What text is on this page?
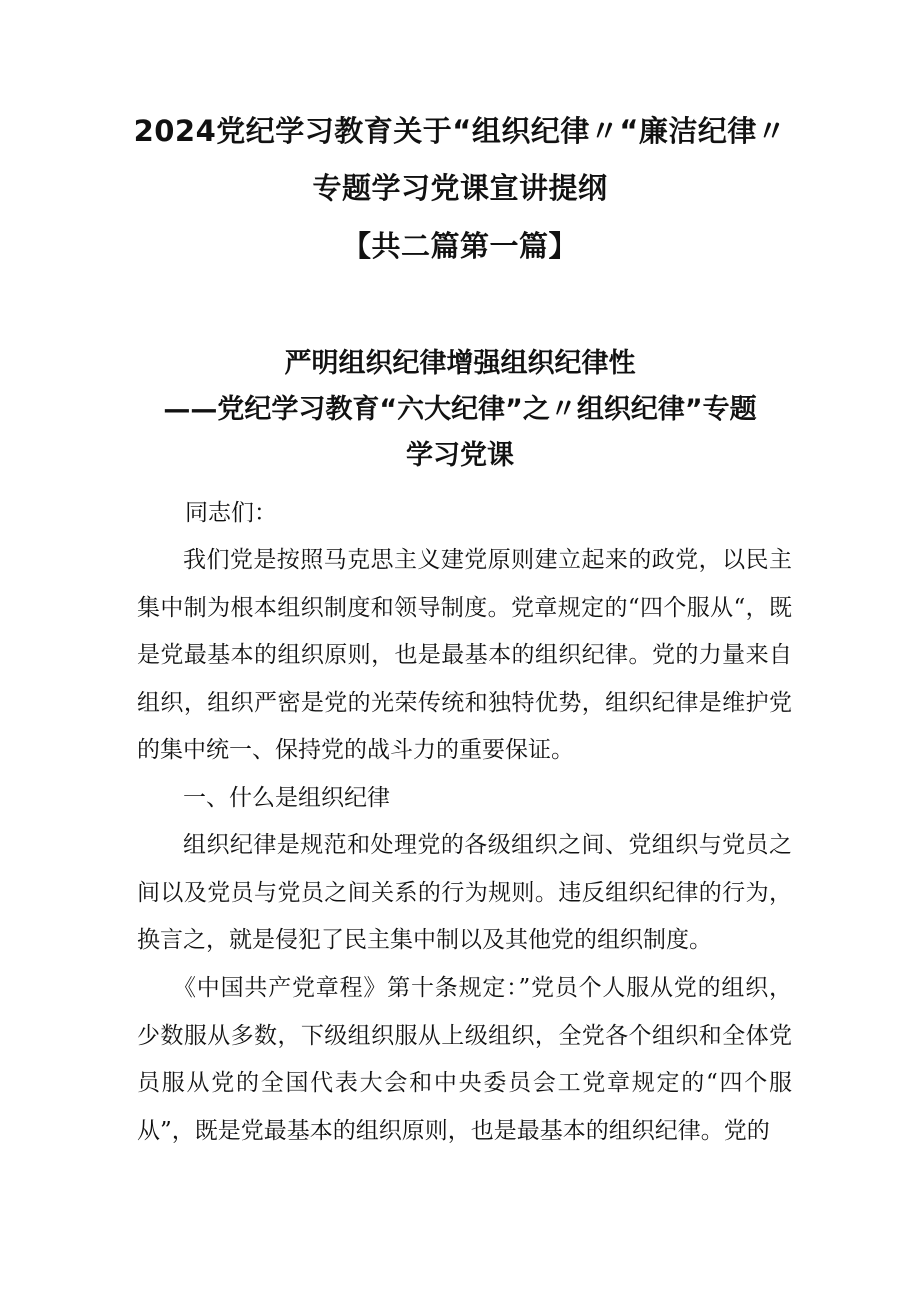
2024党纪学习教育关于“组织纪律〃“廉洁纪律〃
专题学习党课宣讲提纲
【共二篇第一篇】
严明组织纪律增强组织纪律性
——党纪学习教育“六大纪律”之〃组织纪律”专题
学习党课
同志们：

我们党是按照马克思主义建党原则建立起来的政党，以民主集中制为根本组织制度和领导制度。党章规定的“四个服从“，既是党最基本的组织原则，也是最基本的组织纪律。党的力量来自组织，组织严密是党的光荣传统和独特优势，组织纪律是维护党的集中统一、保持党的战斗力的重要保证。

一、什么是组织纪律

组织纪律是规范和处理党的各级组织之间、党组织与党员之间以及党员与党员之间关系的行为规则。违反组织纪律的行为，换言之，就是侵犯了民主集中制以及其他党的组织制度。

《中国共产党章程》第十条规定：”党员个人服从党的组织，少数服从多数，下级组织服从上级组织，全党各个组织和全体党员服从党的全国代表大会和中央委员会工党章规定的“四个服从”，既是党最基本的组织原则，也是最基本的组织纪律。党的
